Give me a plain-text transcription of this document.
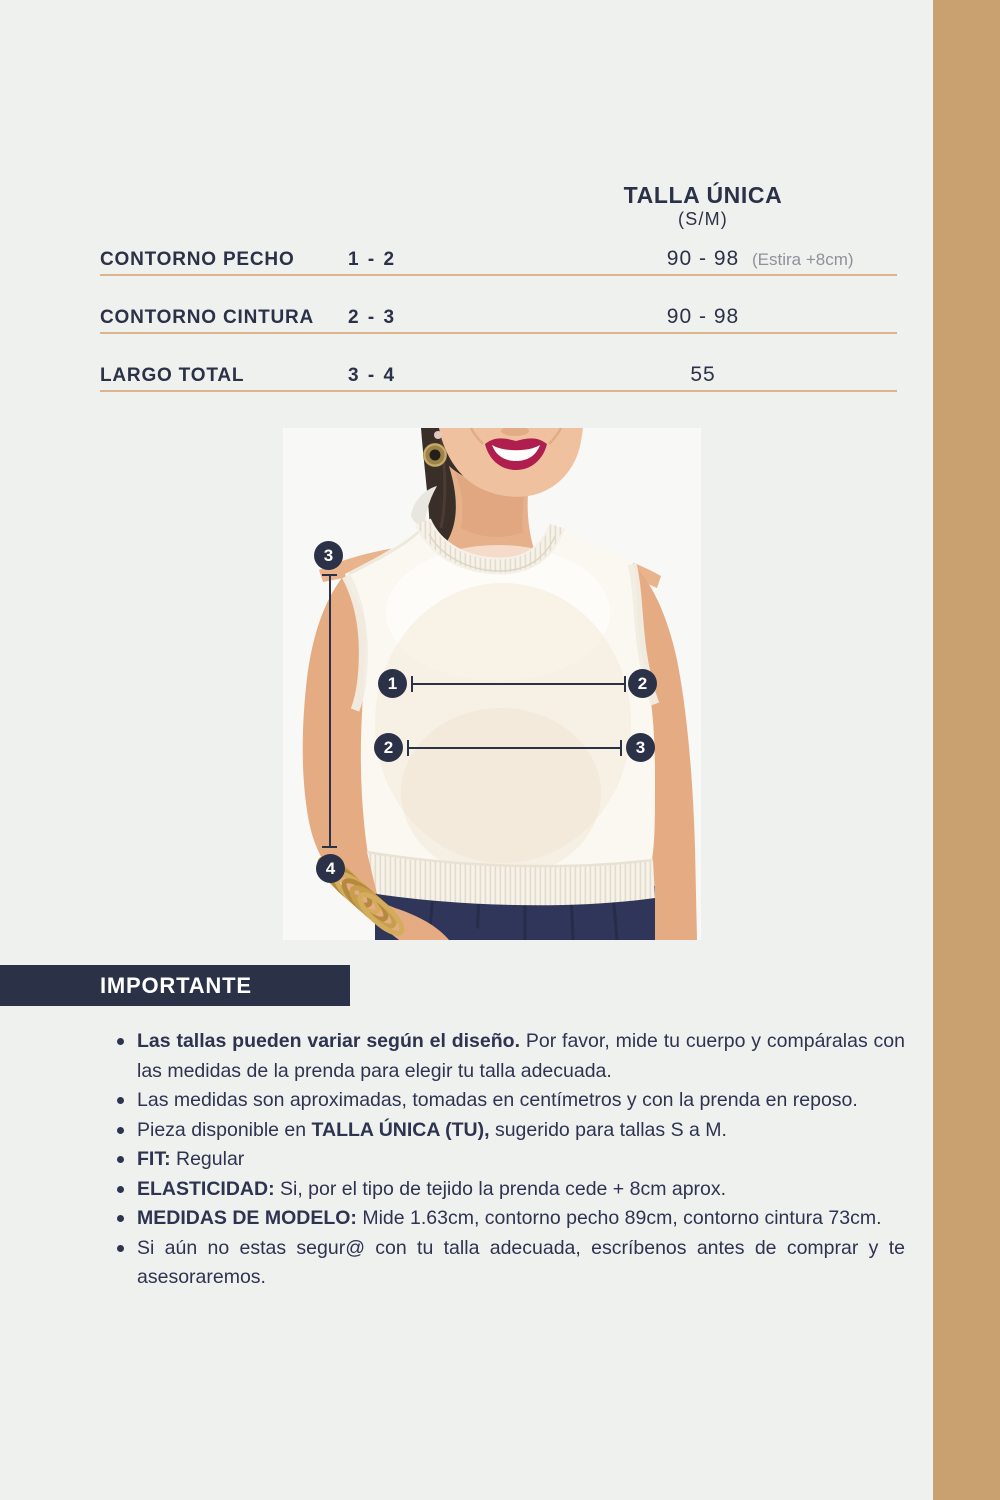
TALLA ÚNICA
(S/M)
CONTORNO PECHO	1 - 2	90 - 98 (Estira +8cm)
CONTORNO CINTURA 2 - 3	90 - 98
LARGO TOTAL	3 - 4	55
3
4
1	2
2	3
IMPORTANTE
Las tallas pueden variar según el diseño. Por favor, mide tu cuerpo y compáralas con las medidas de la prenda para elegir tu talla adecuada.
Las medidas son aproximadas, tomadas en centímetros y con la prenda en reposo.
Pieza disponible en TALLA ÚNICA (TU), sugerido para tallas S a M.
FIT: Regular
ELASTICIDAD: Si, por el tipo de tejido la prenda cede + 8cm aprox.
MEDIDAS DE MODELO: Mide 1.63cm, contorno pecho 89cm, contorno cintura 73cm.
Si aún no estas segur@ con tu talla adecuada, escríbenos antes de comprar y te asesoraremos.
